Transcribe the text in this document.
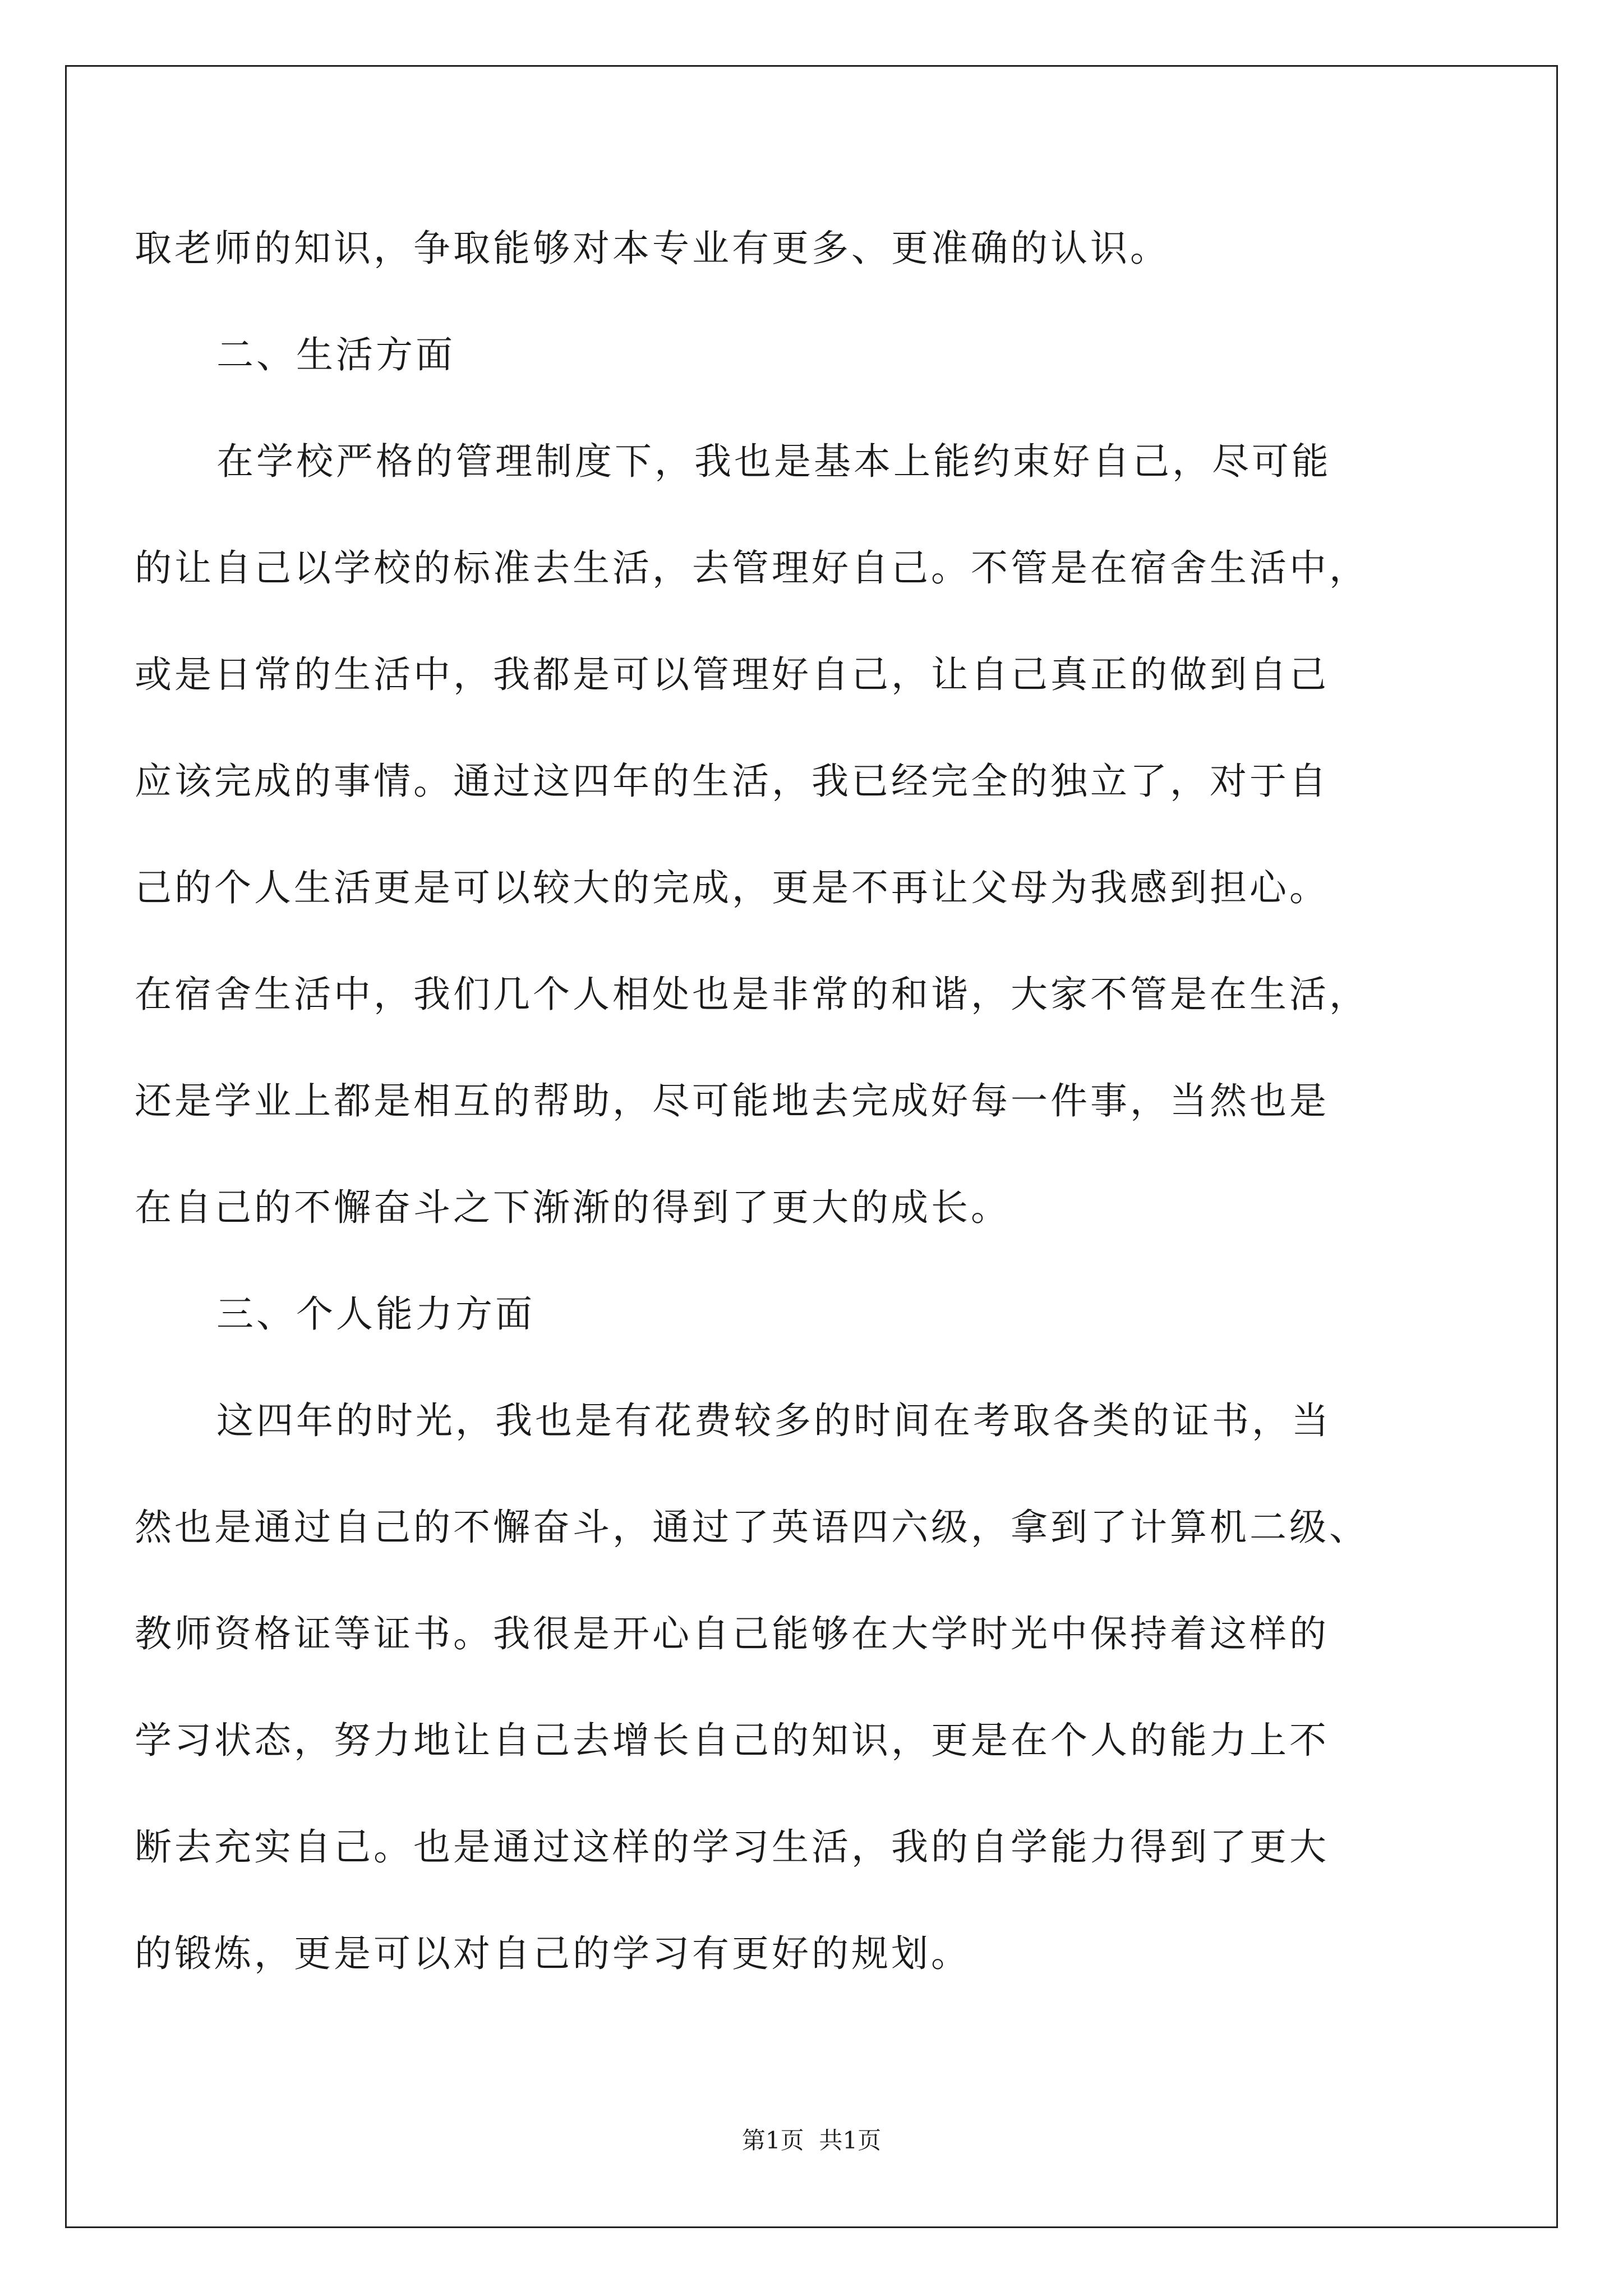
取老师的知识，争取能够对本专业有更多、更准确的认识。
二、生活方面
在学校严格的管理制度下，我也是基本上能约束好自己，尽可能
的让自己以学校的标准去生活，去管理好自己。不管是在宿舍生活中，
或是日常的生活中，我都是可以管理好自己，让自己真正的做到自己
应该完成的事情。通过这四年的生活，我已经完全的独立了，对于自
己的个人生活更是可以较大的完成，更是不再让父母为我感到担心。
在宿舍生活中，我们几个人相处也是非常的和谐，大家不管是在生活，
还是学业上都是相互的帮助，尽可能地去完成好每一件事，当然也是
在自己的不懈奋斗之下渐渐的得到了更大的成长。
三、个人能力方面
这四年的时光，我也是有花费较多的时间在考取各类的证书，当
然也是通过自己的不懈奋斗，通过了英语四六级，拿到了计算机二级、
教师资格证等证书。我很是开心自己能够在大学时光中保持着这样的
学习状态，努力地让自己去增长自己的知识，更是在个人的能力上不
断去充实自己。也是通过这样的学习生活，我的自学能力得到了更大
的锻炼，更是可以对自己的学习有更好的规划。
第1页  共1页
